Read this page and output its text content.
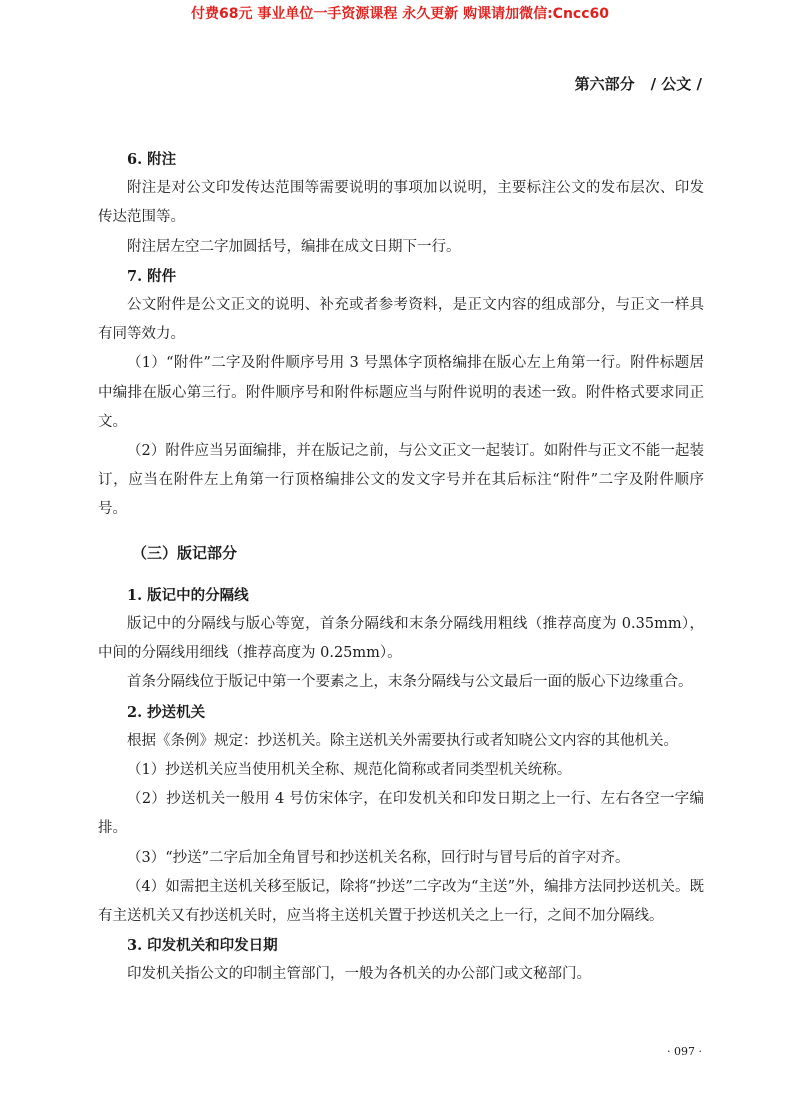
付费68元 事业单位一手资源课程 永久更新 购课请加微信:Cncc60
第六部分 / 公文 /

6. 附注

附注是对公文印发传达范围等需要说明的事项加以说明，主要标注公文的发布层次、印发传达范围等。

附注居左空二字加圆括号，编排在成文日期下一行。

7. 附件

公文附件是公文正文的说明、补充或者参考资料，是正文内容的组成部分，与正文一样具有同等效力。

（1）“附件”二字及附件顺序号用 3 号黑体字顶格编排在版心左上角第一行。附件标题居中编排在版心第三行。附件顺序号和附件标题应当与附件说明的表述一致。附件格式要求同正文。

（2）附件应当另面编排，并在版记之前，与公文正文一起装订。如附件与正文不能一起装订，应当在附件左上角第一行顶格编排公文的发文字号并在其后标注“附件”二字及附件顺序号。

（三）版记部分

1. 版记中的分隔线

版记中的分隔线与版心等宽，首条分隔线和末条分隔线用粗线（推荐高度为 0.35mm），中间的分隔线用细线（推荐高度为 0.25mm）。

首条分隔线位于版记中第一个要素之上，末条分隔线与公文最后一面的版心下边缘重合。

2. 抄送机关

根据《条例》规定：抄送机关。除主送机关外需要执行或者知晓公文内容的其他机关。

（1）抄送机关应当使用机关全称、规范化简称或者同类型机关统称。

（2）抄送机关一般用 4 号仿宋体字，在印发机关和印发日期之上一行、左右各空一字编排。

（3）“抄送”二字后加全角冒号和抄送机关名称，回行时与冒号后的首字对齐。

（4）如需把主送机关移至版记，除将“抄送”二字改为“主送”外，编排方法同抄送机关。既有主送机关又有抄送机关时，应当将主送机关置于抄送机关之上一行，之间不加分隔线。

3. 印发机关和印发日期

印发机关指公文的印制主管部门，一般为各机关的办公部门或文秘部门。

· 097 ·
